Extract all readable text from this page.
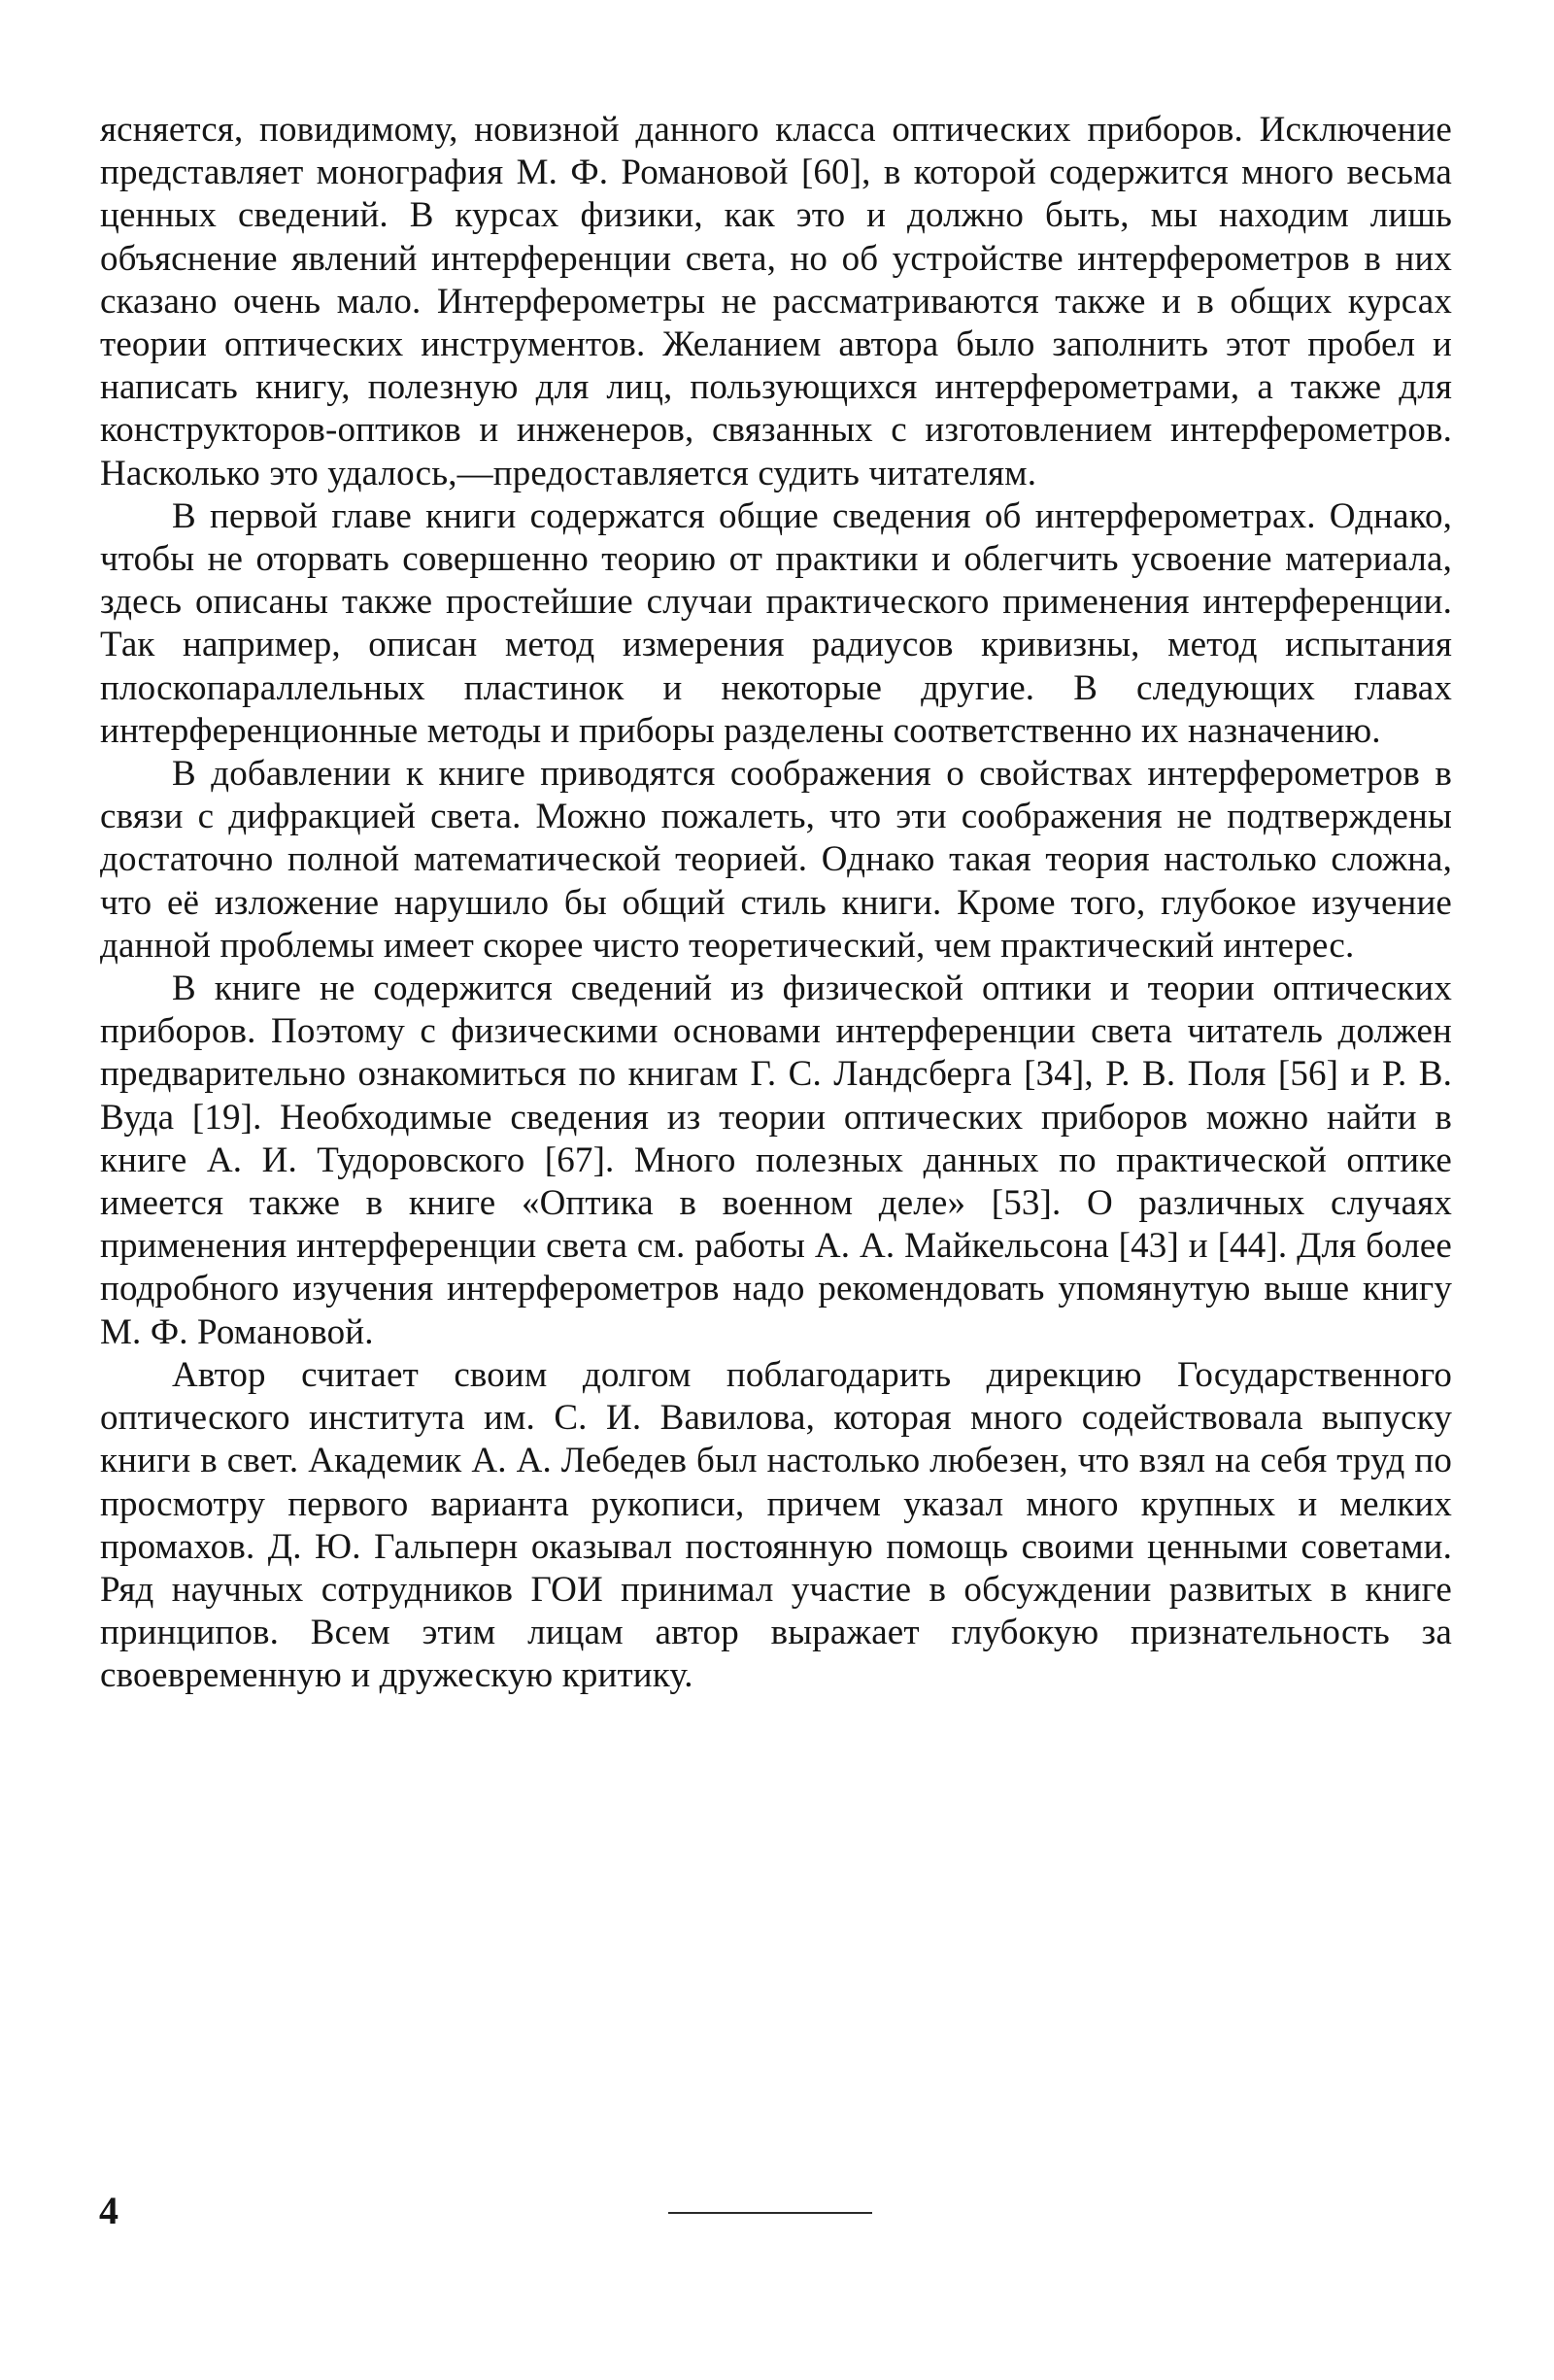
ясняется, повидимому, новизной данного класса оптических приборов. Исключение представляет монография М. Ф. Романовой [60], в которой содержится много весьма ценных сведений. В курсах физики, как это и должно быть, мы находим лишь объяснение явлений интерференции света, но об устройстве интерферометров в них сказано очень мало. Интерферометры не рассматриваются также и в общих курсах теории оптических инструментов. Желанием автора было заполнить этот пробел и написать книгу, полезную для лиц, пользующихся интерферометрами, а также для конструкторов-оптиков и инженеров, связанных с изготовлением интерферометров. Насколько это удалось,—предоставляется судить читателям.

В первой главе книги содержатся общие сведения об интерферометрах. Однако, чтобы не оторвать совершенно теорию от практики и облегчить усвоение материала, здесь описаны также простейшие случаи практического применения интерференции. Так например, описан метод измерения радиусов кривизны, метод испытания плоскопараллельных пластинок и некоторые другие. В следующих главах интерференционные методы и приборы разделены соответственно их назначению.

В добавлении к книге приводятся соображения о свойствах интерферометров в связи с дифракцией света. Можно пожалеть, что эти соображения не подтверждены достаточно полной математической теорией. Однако такая теория настолько сложна, что её изложение нарушило бы общий стиль книги. Кроме того, глубокое изучение данной проблемы имеет скорее чисто теоретический, чем практический интерес.

В книге не содержится сведений из физической оптики и теории оптических приборов. Поэтому с физическими основами интерференции света читатель должен предварительно ознакомиться по книгам Г. С. Ландсберга [34], Р. В. Поля [56] и Р. В. Вуда [19]. Необходимые сведения из теории оптических приборов можно найти в книге А. И. Тудоровского [67]. Много полезных данных по практической оптике имеется также в книге «Оптика в военном деле» [53]. О различных случаях применения интерференции света см. работы А. А. Майкельсона [43] и [44]. Для более подробного изучения интерферометров надо рекомендовать упомянутую выше книгу М. Ф. Романовой.

Автор считает своим долгом поблагодарить дирекцию Государственного оптического института им. С. И. Вавилова, которая много содействовала выпуску книги в свет. Академик А. А. Лебедев был настолько любезен, что взял на себя труд по просмотру первого варианта рукописи, причем указал много крупных и мелких промахов. Д. Ю. Гальперн оказывал постоянную помощь своими ценными советами. Ряд научных сотрудников ГОИ принимал участие в обсуждении развитых в книге принципов. Всем этим лицам автор выражает глубокую признательность за своевременную и дружескую критику.

4
